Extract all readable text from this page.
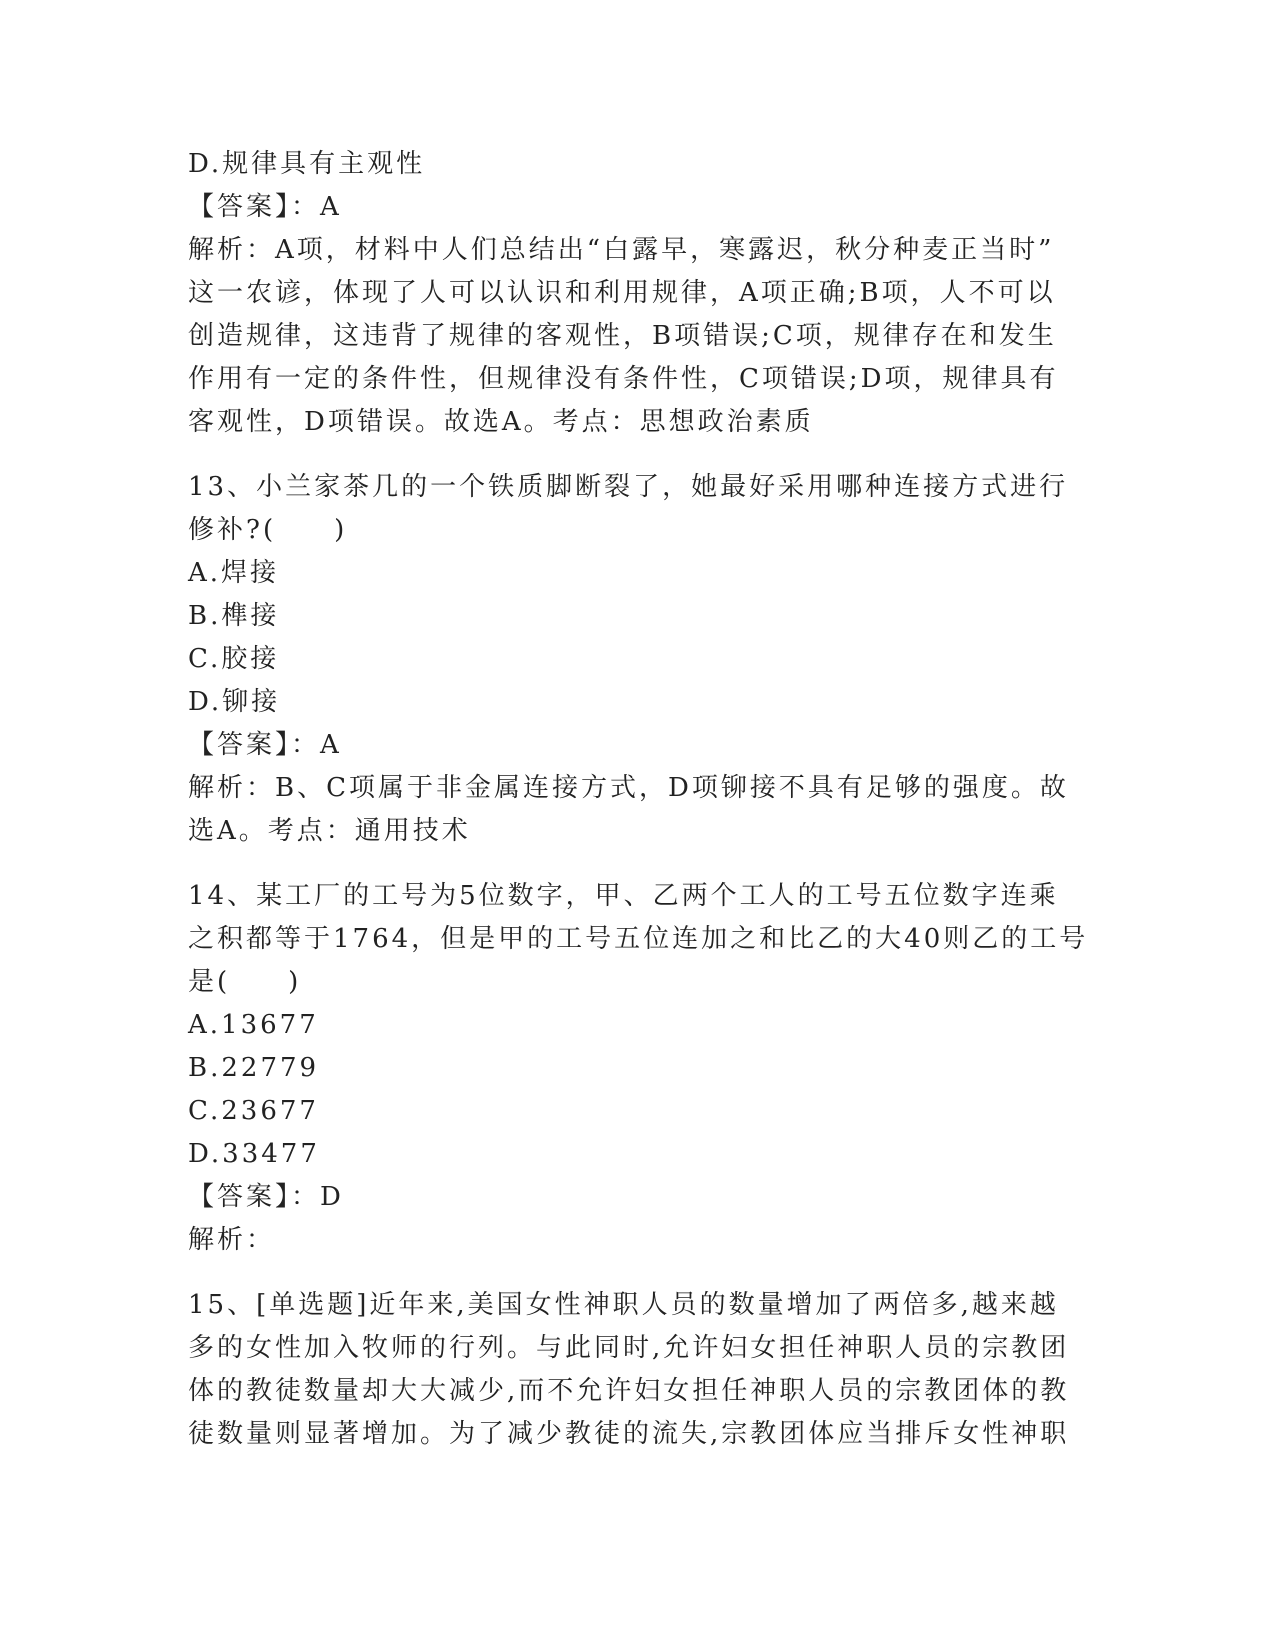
D.规律具有主观性
【答案】：A
解析：A项，材料中人们总结出“白露早，寒露迟，秋分种麦正当时”
这一农谚，体现了人可以认识和利用规律，A项正确;B项，人不可以
创造规律，这违背了规律的客观性，B项错误;C项，规律存在和发生
作用有一定的条件性，但规律没有条件性，C项错误;D项，规律具有
客观性，D项错误。故选A。考点：思想政治素质
13、小兰家茶几的一个铁质脚断裂了，她最好采用哪种连接方式进行
修补?(　　)
A.焊接
B.榫接
C.胶接
D.铆接
【答案】：A
解析：B、C项属于非金属连接方式，D项铆接不具有足够的强度。故
选A。考点：通用技术
14、某工厂的工号为5位数字，甲、乙两个工人的工号五位数字连乘
之积都等于1764，但是甲的工号五位连加之和比乙的大40则乙的工号
是(　　)
A.13677
B.22779
C.23677
D.33477
【答案】：D
解析：
15、[单选题]近年来,美国女性神职人员的数量增加了两倍多,越来越
多的女性加入牧师的行列。与此同时,允许妇女担任神职人员的宗教团
体的教徒数量却大大减少,而不允许妇女担任神职人员的宗教团体的教
徒数量则显著增加。为了减少教徒的流失,宗教团体应当排斥女性神职
